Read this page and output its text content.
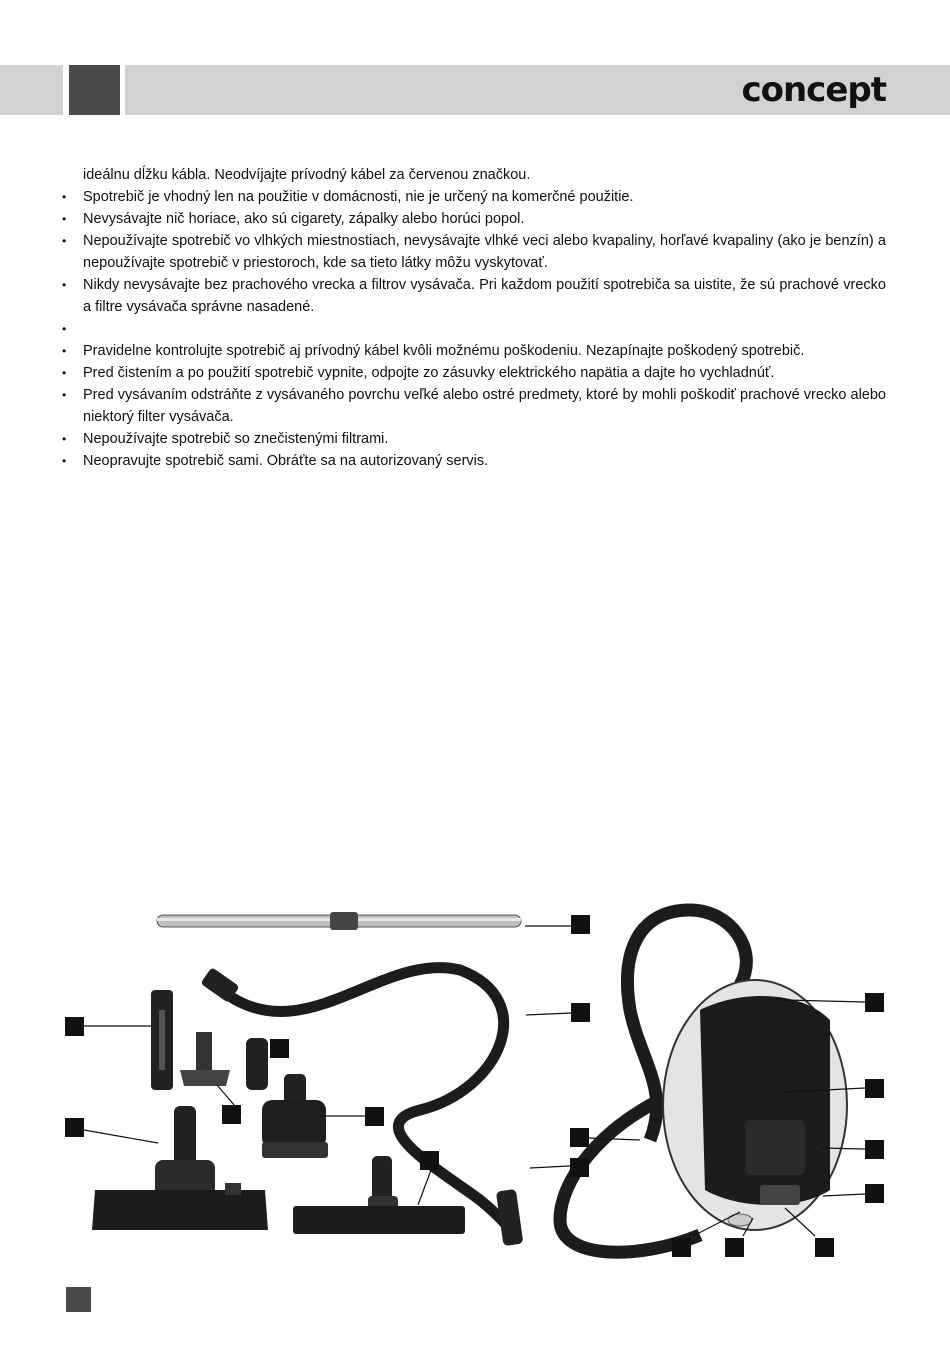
concept
ideálnu dĺžku kábla. Neodvíjajte prívodný kábel za červenou značkou.
• Spotrebič je vhodný len na použitie v domácnosti, nie je určený na komerčné použitie.
• Nevysávajte nič horiace, ako sú cigarety, zápalky alebo horúci popol.
• Nepoužívajte spotrebič vo vlhkých miestnostiach, nevysávajte vlhké veci alebo kvapaliny, horľavé kvapaliny (ako je benzín) a nepoužívajte spotrebič v priestoroch, kde sa tieto látky môžu vyskytovať.
• Nikdy nevysávajte bez prachového vrecka a filtrov vysávača. Pri každom použití spotrebiča sa uistite, že sú prachové vrecko a filtre vysávača správne nasadené.
•
• Pravidelne kontrolujte spotrebič aj prívodný kábel kvôli možnému poškodeniu. Nezapínajte poškodený spotrebič.
• Pred čistením a po použití spotrebič vypnite, odpojte zo zásuvky elektrického napätia a dajte ho vychladnúť.
• Pred vysávaním odstráňte z vysávaného povrchu veľké alebo ostré predmety, ktoré by mohli poškodiť prachové vrecko alebo niektorý filter vysávača.
• Nepoužívajte spotrebič so znečistenými filtrami.
• Neopravujte spotrebič sami. Obráťte sa na autorizovaný servis.
